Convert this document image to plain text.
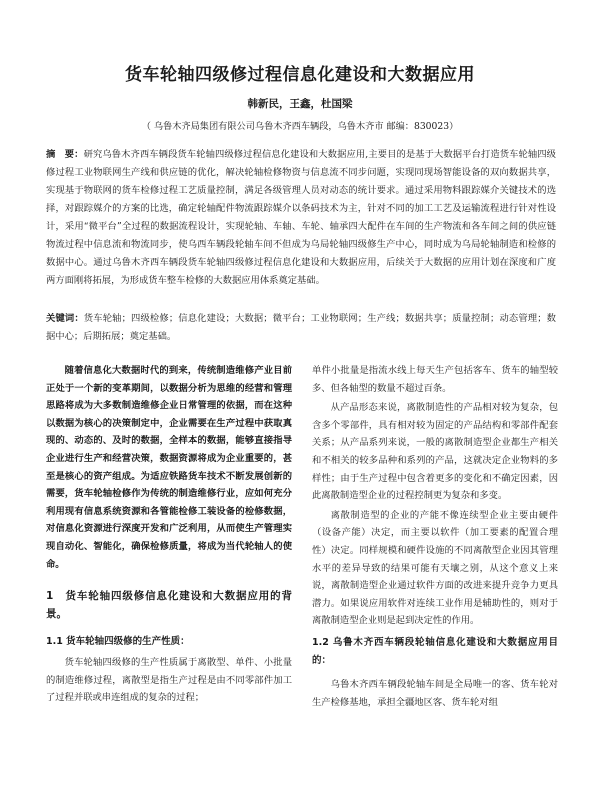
货车轮轴四级修过程信息化建设和大数据应用
韩新民，王鑫，杜国梁
（ 乌鲁木齐局集团有限公司乌鲁木齐西车辆段，乌鲁木齐市 邮编：830023）
摘　要：研究乌鲁木齐西车辆段货车轮轴四级修过程信息化建设和大数据应用,主要目的是基于大数据平台打造货车轮轴四级修过程工业物联网生产线和供应链的优化，解决轮轴检修物资与信息流不同步问题，实现同现场智能设备的双向数据共享，实现基于物联网的货车检修过程工艺质量控制，满足各级管理人员对动态的统计要求。通过采用物料跟踪媒介关键技术的选择，对跟踪媒介的方案的比选，确定轮轴配件物流跟踪媒介以条码技术为主，针对不同的加工工艺及运输流程进行针对性设计，采用“微平台”全过程的数据流程设计，实现轮轴、车轴、车轮、轴承四大配件在车间的生产物流和各车间之间的供应链物流过程中信息流和物流同步，使乌西车辆段轮轴车间不但成为乌局轮轴四级修生产中心，同时成为乌局轮轴制造和检修的数据中心。通过乌鲁木齐西车辆段货车轮轴四级修过程信息化建设和大数据应用，后续关于大数据的应用计划在深度和广度两方面刚将拓展，为形成货车整车检修的大数据应用体系奠定基础。
关键词：货车轮轴；四级检修；信息化建设；大数据；微平台；工业物联网；生产线；数据共享；质量控制；动态管理；数据中心；后期拓展；奠定基础。

随着信息化大数据时代的到来，传统制造维修产业目前正处于一个新的变革期间，以数据分析为思维的经营和管理思路将成为大多数制造维修企业日常管理的依据，而在这种以数据为核心的决策制定中，企业需要在生产过程中获取真现的、动态的、及时的数据，全样本的数据，能够直接指导企业进行生产和经营决策，数据资源将成为企业重要的，甚至是核心的资产组成。为适应铁路货车技术不断发展创新的需要，货车轮轴检修作为传统的制造维修行业，应如何充分利用现有信息系统资源和各管能检修工装设备的检修数据，对信息化资源进行深度开发和广泛利用，从而使生产管理实现自动化、智能化，确保检修质量，将成为当代轮轴人的使命。

1　货车轮轴四级修信息化建设和大数据应用的背景。
1.1 货车轮轴四级修的生产性质：

货车轮轴四级修的生产性质属于离散型、单件、小批量的制造维修过程，离散型是指生产过程是由不同零部件加工了过程并联或串连组成的复杂的过程；

单件小批量是指流水线上每天生产包括客车、货车的轴型较多、但各轴型的数量不超过百条。

从产品形态来说，离散制造性的产品相对较为复杂，包含多个零部件，具有相对较为固定的产品结构和零部件配套关系；从产品系列来说，一般的离散制造型企业都生产相关和不相关的较多品种和系列的产品，这就决定企业物料的多样性；由于生产过程中包含着更多的变化和不确定因素，因此离散制造型企业的过程控制更为复杂和多变。

离散制造型的企业的产能不像连续型企业主要由硬件（设备产能）决定，而主要以软件（加工要素的配置合理性）决定。同样规模和硬件设施的不同离散型企业因其管理水平的差异导致的结果可能有天壤之别，从这个意义上来说，离散制造型企业通过软件方面的改进来提升竞争力更具潜力。如果说应用软件对连续工业作用是辅助性的，则对于离散制造型企业则是起到决定性的作用。

1.2 乌鲁木齐西车辆段轮轴信息化建设和大数据应用目的：

乌鲁木齐西车辆段轮轴车间是全局唯一的客、货车轮对生产检修基地，承担全疆地区客、货车轮对组
